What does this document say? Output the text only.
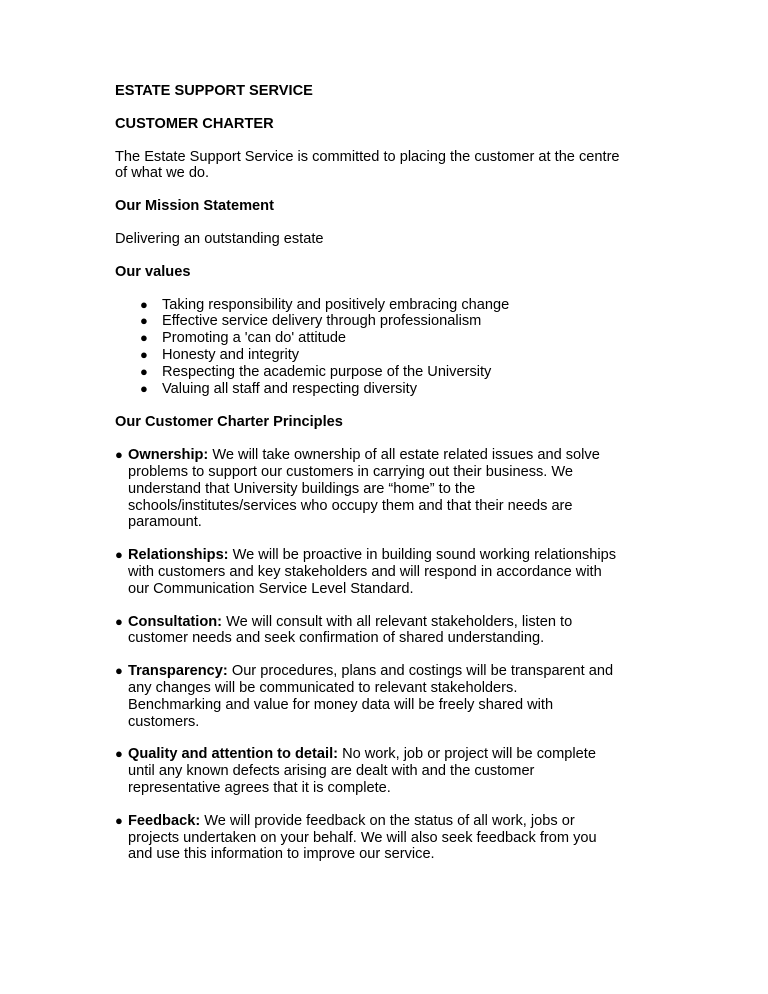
ESTATE SUPPORT SERVICE
CUSTOMER CHARTER
The Estate Support Service is committed to placing the customer at the centre
of what we do.
Our Mission Statement
Delivering an outstanding estate
Our values
● Taking responsibility and positively embracing change
● Effective service delivery through professionalism
● Promoting a 'can do' attitude
● Honesty and integrity
● Respecting the academic purpose of the University
● Valuing all staff and respecting diversity
Our Customer Charter Principles
● Ownership: We will take ownership of all estate related issues and solve
problems to support our customers in carrying out their business. We
understand that University buildings are “home” to the
schools/institutes/services who occupy them and that their needs are
paramount.
● Relationships: We will be proactive in building sound working relationships
with customers and key stakeholders and will respond in accordance with
our Communication Service Level Standard.
● Consultation: We will consult with all relevant stakeholders, listen to
customer needs and seek confirmation of shared understanding.
● Transparency: Our procedures, plans and costings will be transparent and
any changes will be communicated to relevant stakeholders.
Benchmarking and value for money data will be freely shared with
customers.
● Quality and attention to detail: No work, job or project will be complete
until any known defects arising are dealt with and the customer
representative agrees that it is complete.
● Feedback: We will provide feedback on the status of all work, jobs or
projects undertaken on your behalf. We will also seek feedback from you
and use this information to improve our service.
